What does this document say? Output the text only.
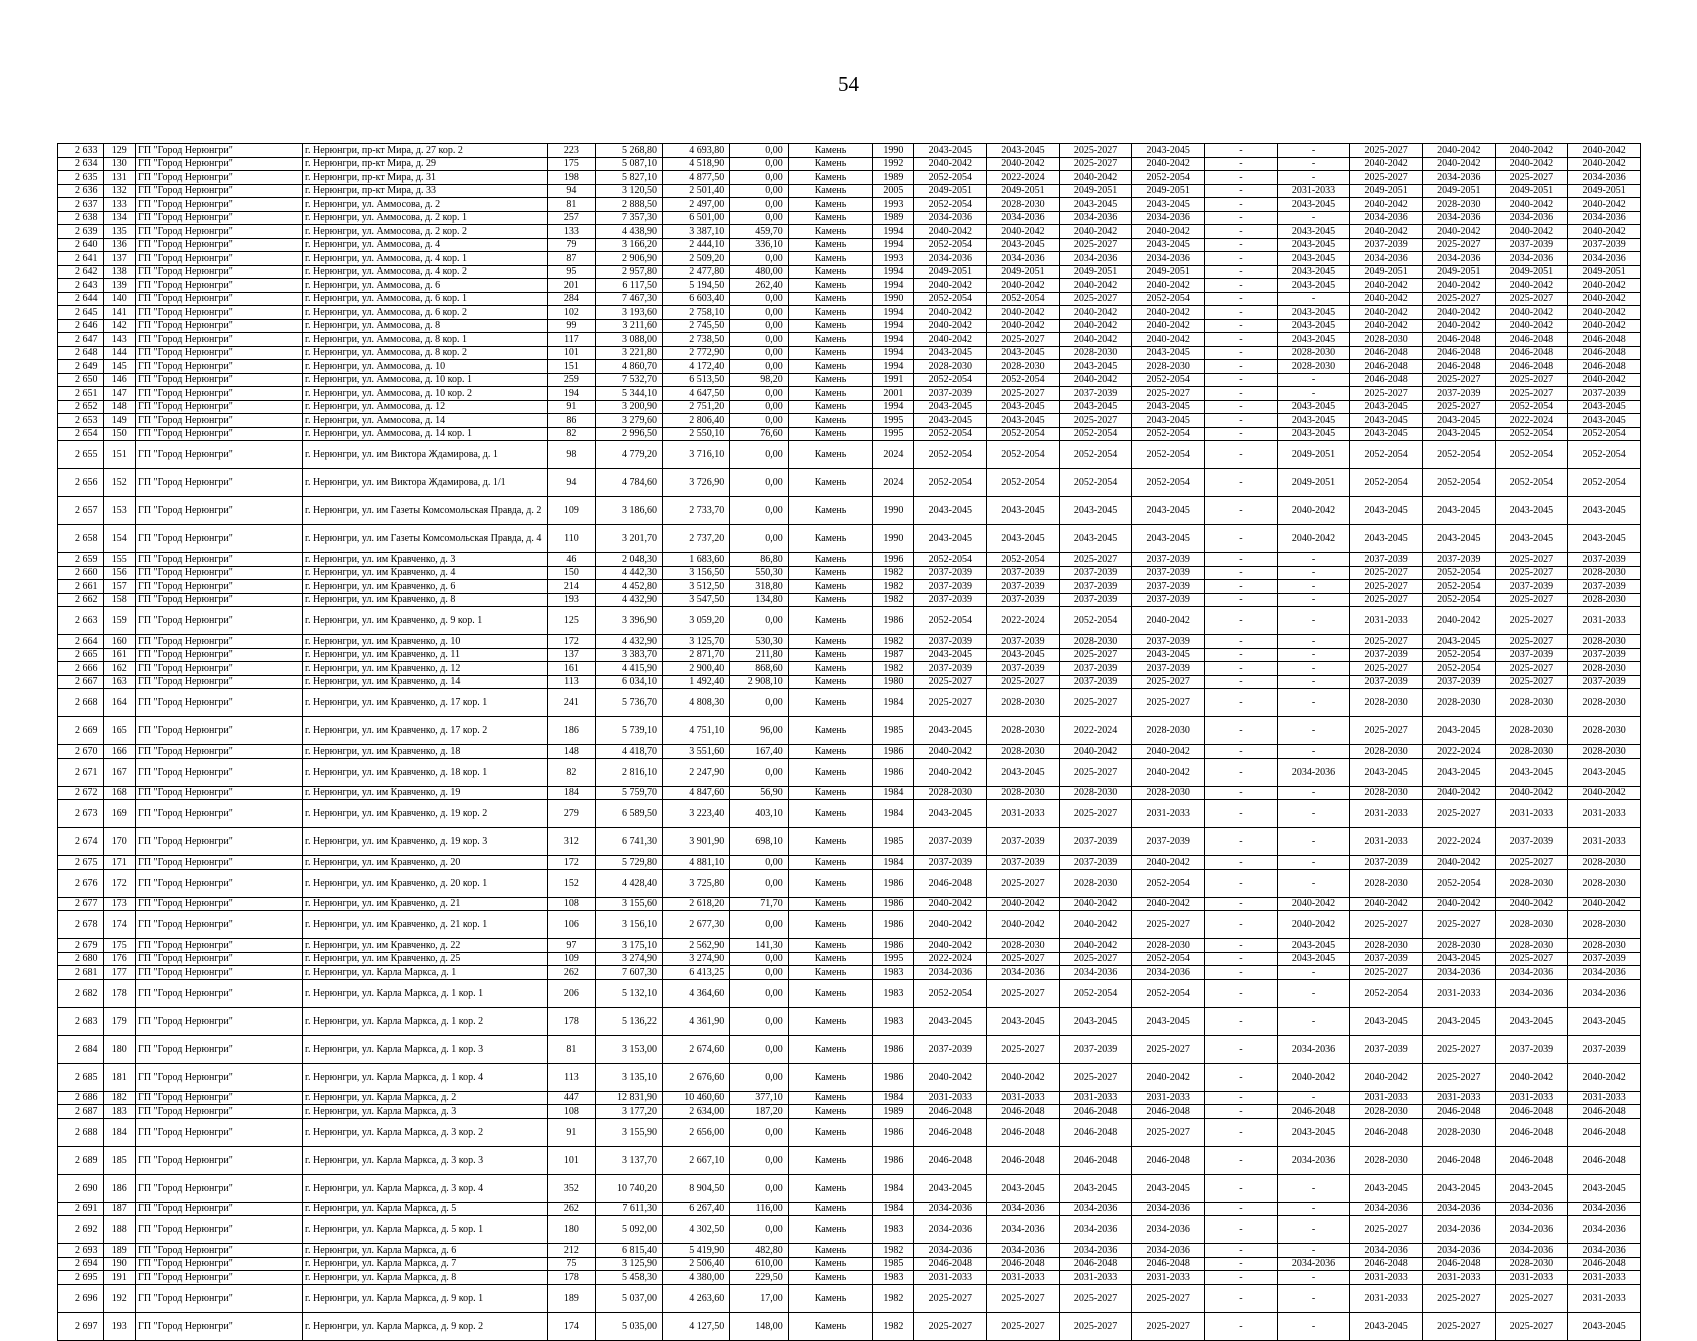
54
2 633	129	ГП "Город Нерюнгри"	г. Нерюнгри, пр-кт Мира, д. 27 кор. 2	223	5 268,80	4 693,80	0,00	Камень	1990	2043-2045	2043-2045	2025-2027	2043-2045	-	-	2025-2027	2040-2042	2040-2042	2040-2042
2 634	130	ГП "Город Нерюнгри"	г. Нерюнгри, пр-кт Мира, д. 29	175	5 087,10	4 518,90	0,00	Камень	1992	2040-2042	2040-2042	2025-2027	2040-2042	-	-	2040-2042	2040-2042	2040-2042	2040-2042
2 635	131	ГП "Город Нерюнгри"	г. Нерюнгри, пр-кт Мира, д. 31	198	5 827,10	4 877,50	0,00	Камень	1989	2052-2054	2022-2024	2040-2042	2052-2054	-	-	2025-2027	2034-2036	2025-2027	2034-2036
2 636	132	ГП "Город Нерюнгри"	г. Нерюнгри, пр-кт Мира, д. 33	94	3 120,50	2 501,40	0,00	Камень	2005	2049-2051	2049-2051	2049-2051	2049-2051	-	2031-2033	2049-2051	2049-2051	2049-2051	2049-2051
2 637	133	ГП "Город Нерюнгри"	г. Нерюнгри, ул. Аммосова, д. 2	81	2 888,50	2 497,00	0,00	Камень	1993	2052-2054	2028-2030	2043-2045	2043-2045	-	2043-2045	2040-2042	2028-2030	2040-2042	2040-2042
2 638	134	ГП "Город Нерюнгри"	г. Нерюнгри, ул. Аммосова, д. 2 кор. 1	257	7 357,30	6 501,00	0,00	Камень	1989	2034-2036	2034-2036	2034-2036	2034-2036	-	-	2034-2036	2034-2036	2034-2036	2034-2036
2 639	135	ГП "Город Нерюнгри"	г. Нерюнгри, ул. Аммосова, д. 2 кор. 2	133	4 438,90	3 387,10	459,70	Камень	1994	2040-2042	2040-2042	2040-2042	2040-2042	-	2043-2045	2040-2042	2040-2042	2040-2042	2040-2042
2 640	136	ГП "Город Нерюнгри"	г. Нерюнгри, ул. Аммосова, д. 4	79	3 166,20	2 444,10	336,10	Камень	1994	2052-2054	2043-2045	2025-2027	2043-2045	-	2043-2045	2037-2039	2025-2027	2037-2039	2037-2039
2 641	137	ГП "Город Нерюнгри"	г. Нерюнгри, ул. Аммосова, д. 4 кор. 1	87	2 906,90	2 509,20	0,00	Камень	1993	2034-2036	2034-2036	2034-2036	2034-2036	-	2043-2045	2034-2036	2034-2036	2034-2036	2034-2036
2 642	138	ГП "Город Нерюнгри"	г. Нерюнгри, ул. Аммосова, д. 4 кор. 2	95	2 957,80	2 477,80	480,00	Камень	1994	2049-2051	2049-2051	2049-2051	2049-2051	-	2043-2045	2049-2051	2049-2051	2049-2051	2049-2051
2 643	139	ГП "Город Нерюнгри"	г. Нерюнгри, ул. Аммосова, д. 6	201	6 117,50	5 194,50	262,40	Камень	1994	2040-2042	2040-2042	2040-2042	2040-2042	-	2043-2045	2040-2042	2040-2042	2040-2042	2040-2042
2 644	140	ГП "Город Нерюнгри"	г. Нерюнгри, ул. Аммосова, д. 6 кор. 1	284	7 467,30	6 603,40	0,00	Камень	1990	2052-2054	2052-2054	2025-2027	2052-2054	-	-	2040-2042	2025-2027	2025-2027	2040-2042
2 645	141	ГП "Город Нерюнгри"	г. Нерюнгри, ул. Аммосова, д. 6 кор. 2	102	3 193,60	2 758,10	0,00	Камень	1994	2040-2042	2040-2042	2040-2042	2040-2042	-	2043-2045	2040-2042	2040-2042	2040-2042	2040-2042
2 646	142	ГП "Город Нерюнгри"	г. Нерюнгри, ул. Аммосова, д. 8	99	3 211,60	2 745,50	0,00	Камень	1994	2040-2042	2040-2042	2040-2042	2040-2042	-	2043-2045	2040-2042	2040-2042	2040-2042	2040-2042
2 647	143	ГП "Город Нерюнгри"	г. Нерюнгри, ул. Аммосова, д. 8 кор. 1	117	3 088,00	2 738,50	0,00	Камень	1994	2040-2042	2025-2027	2040-2042	2040-2042	-	2043-2045	2028-2030	2046-2048	2046-2048	2046-2048
2 648	144	ГП "Город Нерюнгри"	г. Нерюнгри, ул. Аммосова, д. 8 кор. 2	101	3 221,80	2 772,90	0,00	Камень	1994	2043-2045	2043-2045	2028-2030	2043-2045	-	2028-2030	2046-2048	2046-2048	2046-2048	2046-2048
2 649	145	ГП "Город Нерюнгри"	г. Нерюнгри, ул. Аммосова, д. 10	151	4 860,70	4 172,40	0,00	Камень	1994	2028-2030	2028-2030	2043-2045	2028-2030	-	2028-2030	2046-2048	2046-2048	2046-2048	2046-2048
2 650	146	ГП "Город Нерюнгри"	г. Нерюнгри, ул. Аммосова, д. 10 кор. 1	259	7 532,70	6 513,50	98,20	Камень	1991	2052-2054	2052-2054	2040-2042	2052-2054	-	-	2046-2048	2025-2027	2025-2027	2040-2042
2 651	147	ГП "Город Нерюнгри"	г. Нерюнгри, ул. Аммосова, д. 10 кор. 2	194	5 344,10	4 647,50	0,00	Камень	2001	2037-2039	2025-2027	2037-2039	2025-2027	-	-	2025-2027	2037-2039	2025-2027	2037-2039
2 652	148	ГП "Город Нерюнгри"	г. Нерюнгри, ул. Аммосова, д. 12	91	3 200,90	2 751,20	0,00	Камень	1994	2043-2045	2043-2045	2043-2045	2043-2045	-	2043-2045	2043-2045	2025-2027	2052-2054	2043-2045
2 653	149	ГП "Город Нерюнгри"	г. Нерюнгри, ул. Аммосова, д. 14	86	3 279,60	2 806,40	0,00	Камень	1995	2043-2045	2043-2045	2025-2027	2043-2045	-	2043-2045	2043-2045	2043-2045	2022-2024	2043-2045
2 654	150	ГП "Город Нерюнгри"	г. Нерюнгри, ул. Аммосова, д. 14 кор. 1	82	2 996,50	2 550,10	76,60	Камень	1995	2052-2054	2052-2054	2052-2054	2052-2054	-	2043-2045	2043-2045	2043-2045	2052-2054	2052-2054
2 655	151	ГП "Город Нерюнгри"	г. Нерюнгри, ул. им Виктора Ждамирова, д. 1	98	4 779,20	3 716,10	0,00	Камень	2024	2052-2054	2052-2054	2052-2054	2052-2054	-	2049-2051	2052-2054	2052-2054	2052-2054	2052-2054
2 656	152	ГП "Город Нерюнгри"	г. Нерюнгри, ул. им Виктора Ждамирова, д. 1/1	94	4 784,60	3 726,90	0,00	Камень	2024	2052-2054	2052-2054	2052-2054	2052-2054	-	2049-2051	2052-2054	2052-2054	2052-2054	2052-2054
2 657	153	ГП "Город Нерюнгри"	г. Нерюнгри, ул. им Газеты Комсомольская Правда, д. 2	109	3 186,60	2 733,70	0,00	Камень	1990	2043-2045	2043-2045	2043-2045	2043-2045	-	2040-2042	2043-2045	2043-2045	2043-2045	2043-2045
2 658	154	ГП "Город Нерюнгри"	г. Нерюнгри, ул. им Газеты Комсомольская Правда, д. 4	110	3 201,70	2 737,20	0,00	Камень	1990	2043-2045	2043-2045	2043-2045	2043-2045	-	2040-2042	2043-2045	2043-2045	2043-2045	2043-2045
2 659	155	ГП "Город Нерюнгри"	г. Нерюнгри, ул. им Кравченко, д. 3	46	2 048,30	1 683,60	86,80	Камень	1996	2052-2054	2052-2054	2025-2027	2037-2039	-	-	2037-2039	2037-2039	2025-2027	2037-2039
2 660	156	ГП "Город Нерюнгри"	г. Нерюнгри, ул. им Кравченко, д. 4	150	4 442,30	3 156,50	550,30	Камень	1982	2037-2039	2037-2039	2037-2039	2037-2039	-	-	2025-2027	2052-2054	2025-2027	2028-2030
2 661	157	ГП "Город Нерюнгри"	г. Нерюнгри, ул. им Кравченко, д. 6	214	4 452,80	3 512,50	318,80	Камень	1982	2037-2039	2037-2039	2037-2039	2037-2039	-	-	2025-2027	2052-2054	2037-2039	2037-2039
2 662	158	ГП "Город Нерюнгри"	г. Нерюнгри, ул. им Кравченко, д. 8	193	4 432,90	3 547,50	134,80	Камень	1982	2037-2039	2037-2039	2037-2039	2037-2039	-	-	2025-2027	2052-2054	2025-2027	2028-2030
2 663	159	ГП "Город Нерюнгри"	г. Нерюнгри, ул. им Кравченко, д. 9 кор. 1	125	3 396,90	3 059,20	0,00	Камень	1986	2052-2054	2022-2024	2052-2054	2040-2042	-	-	2031-2033	2040-2042	2025-2027	2031-2033
2 664	160	ГП "Город Нерюнгри"	г. Нерюнгри, ул. им Кравченко, д. 10	172	4 432,90	3 125,70	530,30	Камень	1982	2037-2039	2037-2039	2028-2030	2037-2039	-	-	2025-2027	2043-2045	2025-2027	2028-2030
2 665	161	ГП "Город Нерюнгри"	г. Нерюнгри, ул. им Кравченко, д. 11	137	3 383,70	2 871,70	211,80	Камень	1987	2043-2045	2043-2045	2025-2027	2043-2045	-	-	2037-2039	2052-2054	2037-2039	2037-2039
2 666	162	ГП "Город Нерюнгри"	г. Нерюнгри, ул. им Кравченко, д. 12	161	4 415,90	2 900,40	868,60	Камень	1982	2037-2039	2037-2039	2037-2039	2037-2039	-	-	2025-2027	2052-2054	2025-2027	2028-2030
2 667	163	ГП "Город Нерюнгри"	г. Нерюнгри, ул. им Кравченко, д. 14	113	6 034,10	1 492,40	2 908,10	Камень	1980	2025-2027	2025-2027	2037-2039	2025-2027	-	-	2037-2039	2037-2039	2025-2027	2037-2039
2 668	164	ГП "Город Нерюнгри"	г. Нерюнгри, ул. им Кравченко, д. 17 кор. 1	241	5 736,70	4 808,30	0,00	Камень	1984	2025-2027	2028-2030	2025-2027	2025-2027	-	-	2028-2030	2028-2030	2028-2030	2028-2030
2 669	165	ГП "Город Нерюнгри"	г. Нерюнгри, ул. им Кравченко, д. 17 кор. 2	186	5 739,10	4 751,10	96,00	Камень	1985	2043-2045	2028-2030	2022-2024	2028-2030	-	-	2025-2027	2043-2045	2028-2030	2028-2030
2 670	166	ГП "Город Нерюнгри"	г. Нерюнгри, ул. им Кравченко, д. 18	148	4 418,70	3 551,60	167,40	Камень	1986	2040-2042	2028-2030	2040-2042	2040-2042	-	-	2028-2030	2022-2024	2028-2030	2028-2030
2 671	167	ГП "Город Нерюнгри"	г. Нерюнгри, ул. им Кравченко, д. 18 кор. 1	82	2 816,10	2 247,90	0,00	Камень	1986	2040-2042	2043-2045	2025-2027	2040-2042	-	2034-2036	2043-2045	2043-2045	2043-2045	2043-2045
2 672	168	ГП "Город Нерюнгри"	г. Нерюнгри, ул. им Кравченко, д. 19	184	5 759,70	4 847,60	56,90	Камень	1984	2028-2030	2028-2030	2028-2030	2028-2030	-	-	2028-2030	2040-2042	2040-2042	2040-2042
2 673	169	ГП "Город Нерюнгри"	г. Нерюнгри, ул. им Кравченко, д. 19 кор. 2	279	6 589,50	3 223,40	403,10	Камень	1984	2043-2045	2031-2033	2025-2027	2031-2033	-	-	2031-2033	2025-2027	2031-2033	2031-2033
2 674	170	ГП "Город Нерюнгри"	г. Нерюнгри, ул. им Кравченко, д. 19 кор. 3	312	6 741,30	3 901,90	698,10	Камень	1985	2037-2039	2037-2039	2037-2039	2037-2039	-	-	2031-2033	2022-2024	2037-2039	2031-2033
2 675	171	ГП "Город Нерюнгри"	г. Нерюнгри, ул. им Кравченко, д. 20	172	5 729,80	4 881,10	0,00	Камень	1984	2037-2039	2037-2039	2037-2039	2040-2042	-	-	2037-2039	2040-2042	2025-2027	2028-2030
2 676	172	ГП "Город Нерюнгри"	г. Нерюнгри, ул. им Кравченко, д. 20 кор. 1	152	4 428,40	3 725,80	0,00	Камень	1986	2046-2048	2025-2027	2028-2030	2052-2054	-	-	2028-2030	2052-2054	2028-2030	2028-2030
2 677	173	ГП "Город Нерюнгри"	г. Нерюнгри, ул. им Кравченко, д. 21	108	3 155,60	2 618,20	71,70	Камень	1986	2040-2042	2040-2042	2040-2042	2040-2042	-	2040-2042	2040-2042	2040-2042	2040-2042	2040-2042
2 678	174	ГП "Город Нерюнгри"	г. Нерюнгри, ул. им Кравченко, д. 21 кор. 1	106	3 156,10	2 677,30	0,00	Камень	1986	2040-2042	2040-2042	2040-2042	2025-2027	-	2040-2042	2025-2027	2025-2027	2028-2030	2028-2030
2 679	175	ГП "Город Нерюнгри"	г. Нерюнгри, ул. им Кравченко, д. 22	97	3 175,10	2 562,90	141,30	Камень	1986	2040-2042	2028-2030	2040-2042	2028-2030	-	2043-2045	2028-2030	2028-2030	2028-2030	2028-2030
2 680	176	ГП "Город Нерюнгри"	г. Нерюнгри, ул. им Кравченко, д. 25	109	3 274,90	3 274,90	0,00	Камень	1995	2022-2024	2025-2027	2025-2027	2052-2054	-	2043-2045	2037-2039	2043-2045	2025-2027	2037-2039
2 681	177	ГП "Город Нерюнгри"	г. Нерюнгри, ул. Карла Маркса, д. 1	262	7 607,30	6 413,25	0,00	Камень	1983	2034-2036	2034-2036	2034-2036	2034-2036	-	-	2025-2027	2034-2036	2034-2036	2034-2036
2 682	178	ГП "Город Нерюнгри"	г. Нерюнгри, ул. Карла Маркса, д. 1 кор. 1	206	5 132,10	4 364,60	0,00	Камень	1983	2052-2054	2025-2027	2052-2054	2052-2054	-	-	2052-2054	2031-2033	2034-2036	2034-2036
2 683	179	ГП "Город Нерюнгри"	г. Нерюнгри, ул. Карла Маркса, д. 1 кор. 2	178	5 136,22	4 361,90	0,00	Камень	1983	2043-2045	2043-2045	2043-2045	2043-2045	-	-	2043-2045	2043-2045	2043-2045	2043-2045
2 684	180	ГП "Город Нерюнгри"	г. Нерюнгри, ул. Карла Маркса, д. 1 кор. 3	81	3 153,00	2 674,60	0,00	Камень	1986	2037-2039	2025-2027	2037-2039	2025-2027	-	2034-2036	2037-2039	2025-2027	2037-2039	2037-2039
2 685	181	ГП "Город Нерюнгри"	г. Нерюнгри, ул. Карла Маркса, д. 1 кор. 4	113	3 135,10	2 676,60	0,00	Камень	1986	2040-2042	2040-2042	2025-2027	2040-2042	-	2040-2042	2040-2042	2025-2027	2040-2042	2040-2042
2 686	182	ГП "Город Нерюнгри"	г. Нерюнгри, ул. Карла Маркса, д. 2	447	12 831,90	10 460,60	377,10	Камень	1984	2031-2033	2031-2033	2031-2033	2031-2033	-	-	2031-2033	2031-2033	2031-2033	2031-2033
2 687	183	ГП "Город Нерюнгри"	г. Нерюнгри, ул. Карла Маркса, д. 3	108	3 177,20	2 634,00	187,20	Камень	1989	2046-2048	2046-2048	2046-2048	2046-2048	-	2046-2048	2028-2030	2046-2048	2046-2048	2046-2048
2 688	184	ГП "Город Нерюнгри"	г. Нерюнгри, ул. Карла Маркса, д. 3 кор. 2	91	3 155,90	2 656,00	0,00	Камень	1986	2046-2048	2046-2048	2046-2048	2025-2027	-	2043-2045	2046-2048	2028-2030	2046-2048	2046-2048
2 689	185	ГП "Город Нерюнгри"	г. Нерюнгри, ул. Карла Маркса, д. 3 кор. 3	101	3 137,70	2 667,10	0,00	Камень	1986	2046-2048	2046-2048	2046-2048	2046-2048	-	2034-2036	2028-2030	2046-2048	2046-2048	2046-2048
2 690	186	ГП "Город Нерюнгри"	г. Нерюнгри, ул. Карла Маркса, д. 3 кор. 4	352	10 740,20	8 904,50	0,00	Камень	1984	2043-2045	2043-2045	2043-2045	2043-2045	-	-	2043-2045	2043-2045	2043-2045	2043-2045
2 691	187	ГП "Город Нерюнгри"	г. Нерюнгри, ул. Карла Маркса, д. 5	262	7 611,30	6 267,40	116,00	Камень	1984	2034-2036	2034-2036	2034-2036	2034-2036	-	-	2034-2036	2034-2036	2034-2036	2034-2036
2 692	188	ГП "Город Нерюнгри"	г. Нерюнгри, ул. Карла Маркса, д. 5 кор. 1	180	5 092,00	4 302,50	0,00	Камень	1983	2034-2036	2034-2036	2034-2036	2034-2036	-	-	2025-2027	2034-2036	2034-2036	2034-2036
2 693	189	ГП "Город Нерюнгри"	г. Нерюнгри, ул. Карла Маркса, д. 6	212	6 815,40	5 419,90	482,80	Камень	1982	2034-2036	2034-2036	2034-2036	2034-2036	-	-	2034-2036	2034-2036	2034-2036	2034-2036
2 694	190	ГП "Город Нерюнгри"	г. Нерюнгри, ул. Карла Маркса, д. 7	75	3 125,90	2 506,40	610,00	Камень	1985	2046-2048	2046-2048	2046-2048	2046-2048	-	2034-2036	2046-2048	2046-2048	2028-2030	2046-2048
2 695	191	ГП "Город Нерюнгри"	г. Нерюнгри, ул. Карла Маркса, д. 8	178	5 458,30	4 380,00	229,50	Камень	1983	2031-2033	2031-2033	2031-2033	2031-2033	-	-	2031-2033	2031-2033	2031-2033	2031-2033
2 696	192	ГП "Город Нерюнгри"	г. Нерюнгри, ул. Карла Маркса, д. 9 кор. 1	189	5 037,00	4 263,60	17,00	Камень	1982	2025-2027	2025-2027	2025-2027	2025-2027	-	-	2031-2033	2025-2027	2025-2027	2031-2033
2 697	193	ГП "Город Нерюнгри"	г. Нерюнгри, ул. Карла Маркса, д. 9 кор. 2	174	5 035,00	4 127,50	148,00	Камень	1982	2025-2027	2025-2027	2025-2027	2025-2027	-	-	2043-2045	2025-2027	2025-2027	2043-2045
